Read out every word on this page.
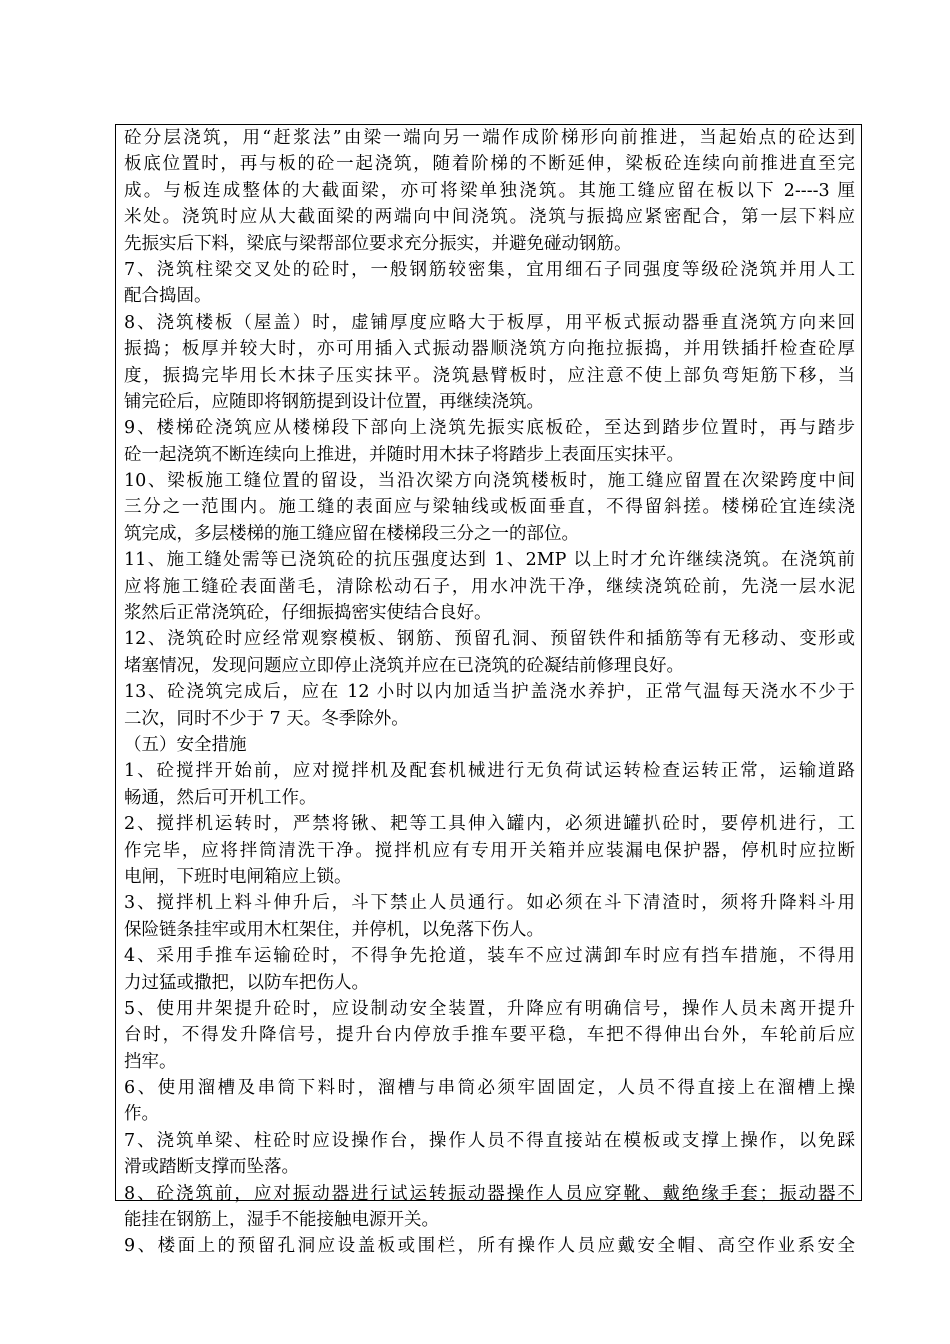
砼分层浇筑，用“赶浆法”由梁一端向另一端作成阶梯形向前推进，当起始点的砼达到
板底位置时，再与板的砼一起浇筑，随着阶梯的不断延伸，梁板砼连续向前推进直至完
成。与板连成整体的大截面梁，亦可将梁单独浇筑。其施工缝应留在板以下 2----3 厘
米处。浇筑时应从大截面梁的两端向中间浇筑。浇筑与振捣应紧密配合，第一层下料应
先振实后下料，梁底与梁帮部位要求充分振实，并避免碰动钢筋。
7、浇筑柱梁交叉处的砼时，一般钢筋较密集，宜用细石子同强度等级砼浇筑并用人工
配合捣固。
8、浇筑楼板（屋盖）时，虚铺厚度应略大于板厚，用平板式振动器垂直浇筑方向来回
振捣；板厚并较大时，亦可用插入式振动器顺浇筑方向拖拉振捣，并用铁插扦检查砼厚
度，振捣完毕用长木抹子压实抹平。浇筑悬臂板时，应注意不使上部负弯矩筋下移，当
铺完砼后，应随即将钢筋提到设计位置，再继续浇筑。
9、楼梯砼浇筑应从楼梯段下部向上浇筑先振实底板砼，至达到踏步位置时，再与踏步
砼一起浇筑不断连续向上推进，并随时用木抹子将踏步上表面压实抹平。
10、梁板施工缝位置的留设，当沿次梁方向浇筑楼板时，施工缝应留置在次梁跨度中间
三分之一范围内。施工缝的表面应与梁轴线或板面垂直，不得留斜搓。楼梯砼宜连续浇
筑完成，多层楼梯的施工缝应留在楼梯段三分之一的部位。
11、施工缝处需等已浇筑砼的抗压强度达到 1、2MP 以上时才允许继续浇筑。在浇筑前
应将施工缝砼表面凿毛，清除松动石子，用水冲洗干净，继续浇筑砼前，先浇一层水泥
浆然后正常浇筑砼，仔细振捣密实使结合良好。
12、浇筑砼时应经常观察模板、钢筋、预留孔洞、预留铁件和插筋等有无移动、变形或
堵塞情况，发现问题应立即停止浇筑并应在已浇筑的砼凝结前修理良好。
13、砼浇筑完成后，应在 12 小时以内加适当护盖浇水养护，正常气温每天浇水不少于
二次，同时不少于 7 天。冬季除外。
（五）安全措施
1、砼搅拌开始前，应对搅拌机及配套机械进行无负荷试运转检查运转正常，运输道路
畅通，然后可开机工作。
2、搅拌机运转时，严禁将锹、耙等工具伸入罐内，必须进罐扒砼时，要停机进行，工
作完毕，应将拌筒清洗干净。搅拌机应有专用开关箱并应装漏电保护器，停机时应拉断
电闸，下班时电闸箱应上锁。
3、搅拌机上料斗伸升后，斗下禁止人员通行。如必须在斗下清渣时，须将升降料斗用
保险链条挂牢或用木杠架住，并停机，以免落下伤人。
4、采用手推车运输砼时，不得争先抢道，装车不应过满卸车时应有挡车措施，不得用
力过猛或撒把，以防车把伤人。
5、使用井架提升砼时，应设制动安全装置，升降应有明确信号，操作人员未离开提升
台时，不得发升降信号，提升台内停放手推车要平稳，车把不得伸出台外，车轮前后应
挡牢。
6、使用溜槽及串筒下料时，溜槽与串筒必须牢固固定，人员不得直接上在溜槽上操
作。
7、浇筑单梁、柱砼时应设操作台，操作人员不得直接站在模板或支撑上操作，以免踩
滑或踏断支撑而坠落。
8、砼浇筑前，应对振动器进行试运转振动器操作人员应穿靴、戴绝缘手套；振动器不
能挂在钢筋上，湿手不能接触电源开关。
9、楼面上的预留孔洞应设盖板或围栏，所有操作人员应戴安全帽、高空作业系安全
